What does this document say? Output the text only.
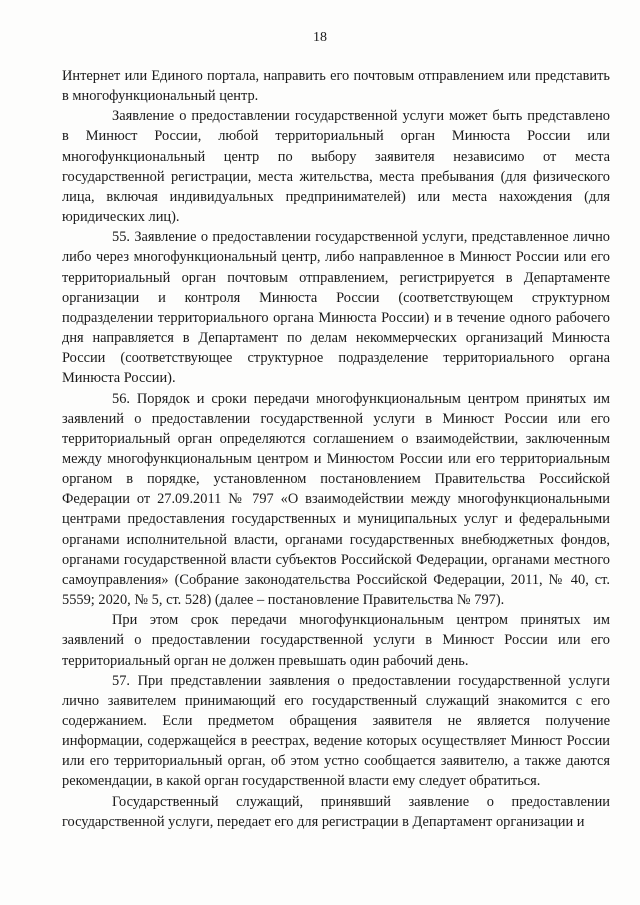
18

Интернет или Единого портала, направить его почтовым отправлением или представить в многофункциональный центр.

Заявление о предоставлении государственной услуги может быть представлено в Минюст России, любой территориальный орган Минюста России или многофункциональный центр по выбору заявителя независимо от места государственной регистрации, места жительства, места пребывания (для физического лица, включая индивидуальных предпринимателей) или места нахождения (для юридических лиц).

55. Заявление о предоставлении государственной услуги, представленное лично либо через многофункциональный центр, либо направленное в Минюст России или его территориальный орган почтовым отправлением, регистрируется в Департаменте организации и контроля Минюста России (соответствующем структурном подразделении территориального органа Минюста России) и в течение одного рабочего дня направляется в Департамент по делам некоммерческих организаций Минюста России (соответствующее структурное подразделение территориального органа Минюста России).

56. Порядок и сроки передачи многофункциональным центром принятых им заявлений о предоставлении государственной услуги в Минюст России или его территориальный орган определяются соглашением о взаимодействии, заключенным между многофункциональным центром и Минюстом России или его территориальным органом в порядке, установленном постановлением Правительства Российской Федерации от 27.09.2011 № 797 «О взаимодействии между многофункциональными центрами предоставления государственных и муниципальных услуг и федеральными органами исполнительной власти, органами государственных внебюджетных фондов, органами государственной власти субъектов Российской Федерации, органами местного самоуправления» (Собрание законодательства Российской Федерации, 2011, № 40, ст. 5559; 2020, № 5, ст. 528) (далее – постановление Правительства № 797).

При этом срок передачи многофункциональным центром принятых им заявлений о предоставлении государственной услуги в Минюст России или его территориальный орган не должен превышать один рабочий день.

57. При представлении заявления о предоставлении государственной услуги лично заявителем принимающий его государственный служащий знакомится с его содержанием. Если предметом обращения заявителя не является получение информации, содержащейся в реестрах, ведение которых осуществляет Минюст России или его территориальный орган, об этом устно сообщается заявителю, а также даются рекомендации, в какой орган государственной власти ему следует обратиться.

Государственный служащий, принявший заявление о предоставлении государственной услуги, передает его для регистрации в Департамент организации и
